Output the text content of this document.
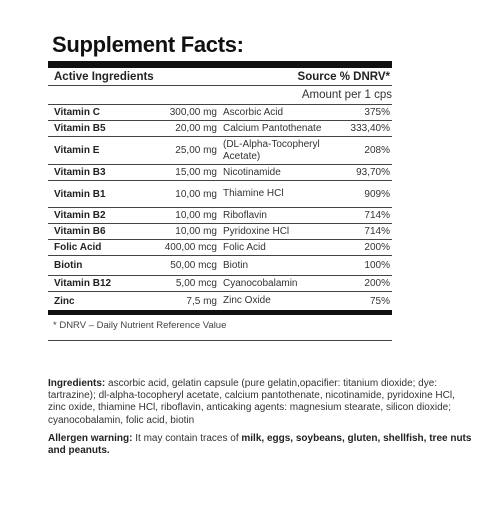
Supplement Facts:
Active Ingredients	Source % DNRV*
Amount per 1 cps
Vitamin C	300,00 mg	Ascorbic Acid	375%
Vitamin B5	20,00 mg	Calcium Pantothenate	333,40%
Vitamin E	25,00 mg	(DL-Alpha-Tocopheryl Acetate)	208%
Vitamin B3	15,00 mg	Nicotinamide	93,70%
Vitamin B1	10,00 mg	Thiamine HCl	909%
Vitamin B2	10,00 mg	Riboflavin	714%
Vitamin B6	10,00 mg	Pyridoxine HCl	714%
Folic Acid	400,00 mcg	Folic Acid	200%
Biotin	50,00 mcg	Biotin	100%
Vitamin B12	5,00 mcg	Cyanocobalamin	200%
Zinc	7,5 mg	Zinc Oxide	75%
* DNRV – Daily Nutrient Reference Value

Ingredients: ascorbic acid, gelatin capsule (pure gelatin,opacifier: titanium dioxide; dye: tartrazine); dl-alpha-tocopheryl acetate, calcium pantothenate, nicotinamide, pyridoxine HCl, zinc oxide, thiamine HCl, riboflavin, anticaking agents: magnesium stearate, silicon dioxide; cyanocobalamin, folic acid, biotin

Allergen warning: It may contain traces of milk, eggs, soybeans, gluten, shellfish, tree nuts and peanuts.
